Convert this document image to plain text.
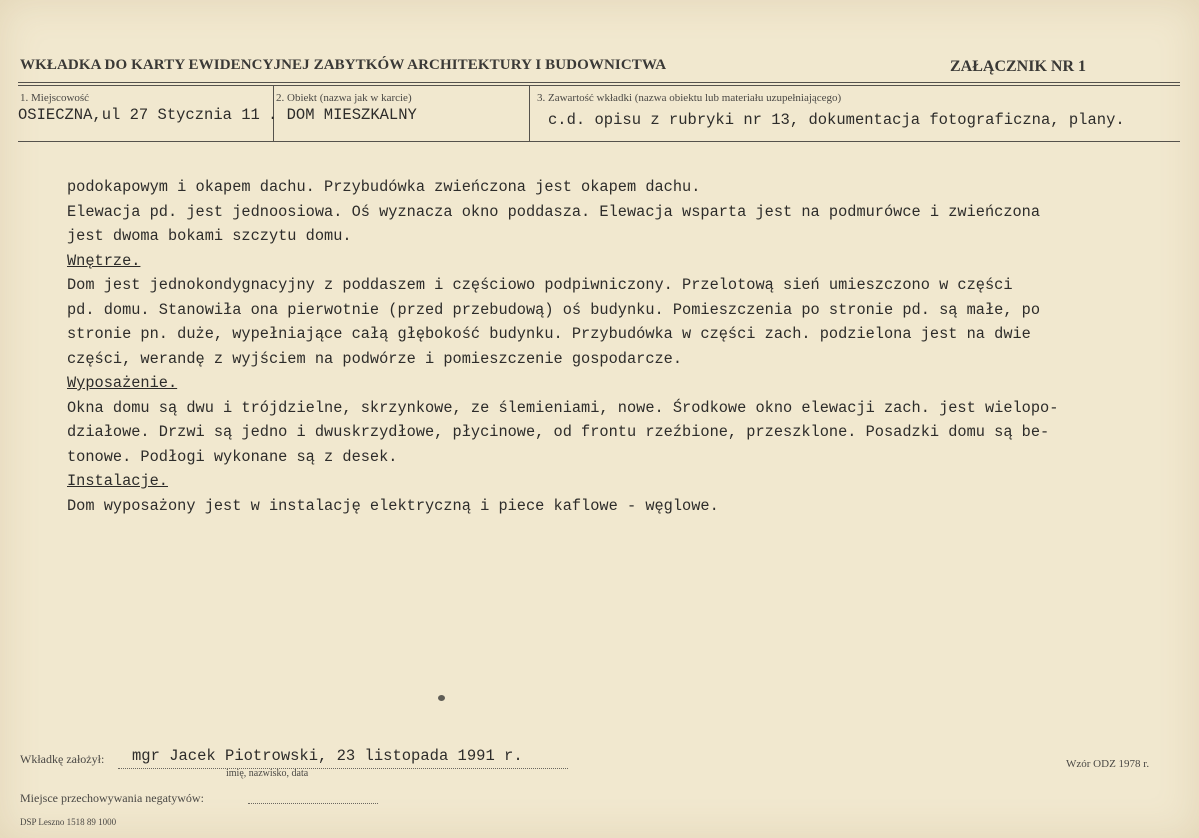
WKŁADKA DO KARTY EWIDENCYJNEJ ZABYTKÓW ARCHITEKTURY I BUDOWNICTWA	ZAŁĄCZNIK NR 1
1. Miejscowość
OSIECZNA,ul 27 Stycznia 11
2. Obiekt (nazwa jak w karcie)
. DOM MIESZKALNY
3. Zawartość wkładki (nazwa obiektu lub materiału uzupełniającego)
c.d. opisu z rubryki nr 13, dokumentacja fotograficzna, plany.
podokapowym i okapem dachu. Przybudówka zwieńczona jest okapem dachu.
Elewacja pd. jest jednoosiowa. Oś wyznacza okno poddasza. Elewacja wsparta jest na podmurówce i zwieńczona
jest dwoma bokami szczytu domu.
Wnętrze.
Dom jest jednokondygnacyjny z poddaszem i częściowo podpiwniczony. Przelotową sień umieszczono w części
pd. domu. Stanowiła ona pierwotnie (przed przebudową) oś budynku. Pomieszczenia po stronie pd. są małe, po
stronie pn. duże, wypełniające całą głębokość budynku. Przybudówka w części zach. podzielona jest na dwie
części, werandę z wyjściem na podwórze i pomieszczenie gospodarcze.
Wyposażenie.
Okna domu są dwu i trójdzielne, skrzynkowe, ze ślemieniami, nowe. Środkowe okno elewacji zach. jest wielopo-
działowe. Drzwi są jedno i dwuskrzydłowe, płycinowe, od frontu rzeźbione, przeszklone. Posadzki domu są be-
tonowe. Podłogi wykonane są z desek.
Instalacje.
Dom wyposażony jest w instalację elektryczną i piece kaflowe - węglowe.
Wkładkę założył: mgr Jacek Piotrowski, 23 listopada 1991 r.
imię, nazwisko, data
Miejsce przechowywania negatywów:
Wzór ODZ 1978 r.
DSP Leszno 1518 89 1000
